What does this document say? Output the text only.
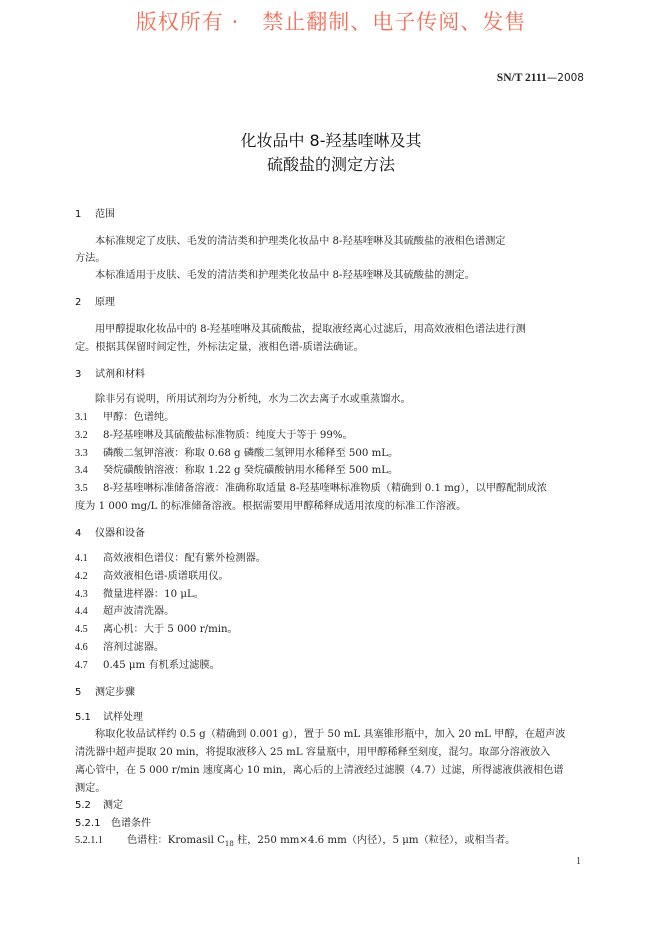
版权所有 ·   禁止翻制、电子传阅、发售
SN/T 2111—2008
化妆品中 8-羟基喹啉及其
硫酸盐的测定方法
1 范围
本标准规定了皮肤、毛发的清洁类和护理类化妆品中 8-羟基喹啉及其硫酸盐的液相色谱测定
方法。
本标准适用于皮肤、毛发的清洁类和护理类化妆品中 8-羟基喹啉及其硫酸盐的测定。
2 原理
用甲醇提取化妆品中的 8-羟基喹啉及其硫酸盐，提取液经离心过滤后，用高效液相色谱法进行测
定。根据其保留时间定性，外标法定量，液相色谱-质谱法确证。
3 试剂和材料
除非另有说明，所用试剂均为分析纯，水为二次去离子水或重蒸馏水。
3.1 甲醇：色谱纯。
3.2 8-羟基喹啉及其硫酸盐标准物质：纯度大于等于 99%。
3.3 磷酸二氢钾溶液：称取 0.68 g 磷酸二氢钾用水稀释至 500 mL。
3.4 癸烷磺酸钠溶液：称取 1.22 g 癸烷磺酸钠用水稀释至 500 mL。
3.5 8-羟基喹啉标准储备溶液：准确称取适量 8-羟基喹啉标准物质（精确到 0.1 mg），以甲醇配制成浓
度为 1 000 mg/L 的标准储备溶液。根据需要用甲醇稀释成适用浓度的标准工作溶液。
4 仪器和设备
4.1 高效液相色谱仪：配有紫外检测器。
4.2 高效液相色谱-质谱联用仪。
4.3 微量进样器：10 μL。
4.4 超声波清洗器。
4.5 离心机：大于 5 000 r/min。
4.6 溶剂过滤器。
4.7 0.45 μm 有机系过滤膜。
5 测定步骤
5.1 试样处理
称取化妆品试样约 0.5 g（精确到 0.001 g），置于 50 mL 具塞锥形瓶中，加入 20 mL 甲醇，在超声波
清洗器中超声提取 20 min，将提取液移入 25 mL 容量瓶中，用甲醇稀释至刻度，混匀。取部分溶液放入
离心管中，在 5 000 r/min 速度离心 10 min，离心后的上清液经过滤膜（4.7）过滤，所得滤液供液相色谱
测定。
5.2 测定
5.2.1 色谱条件
5.2.1.1 色谱柱：Kromasil $C_{18}$ 柱，250 mm×4.6 mm（内径），5 μm（粒径），或相当者。
1
